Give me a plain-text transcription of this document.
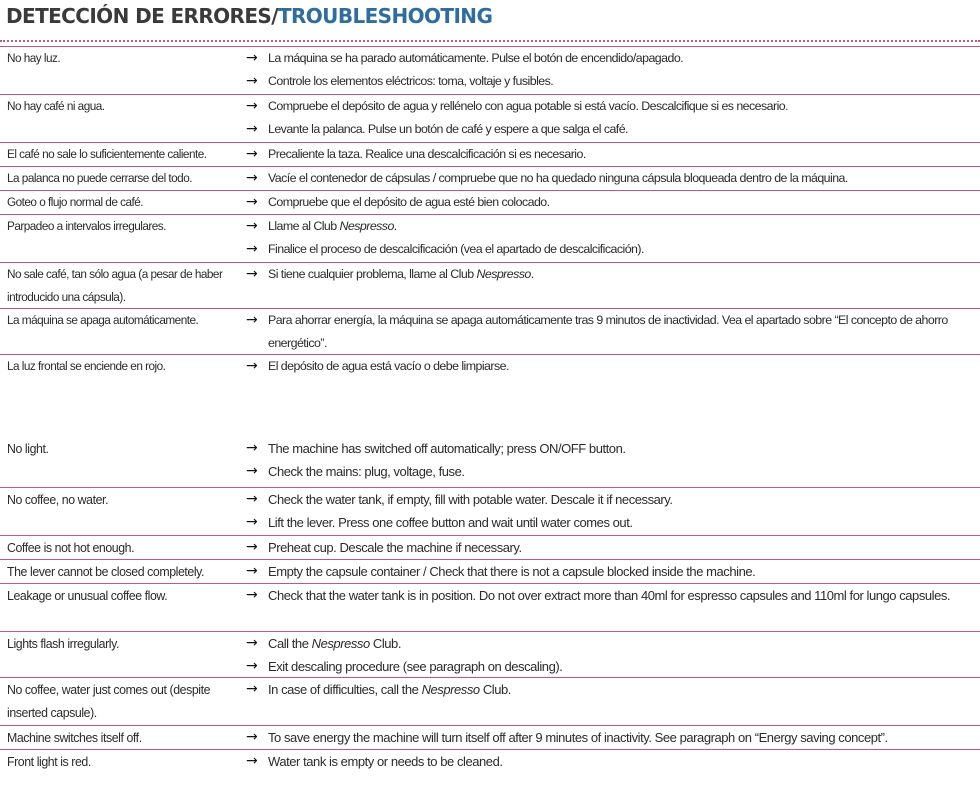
DETECCIÓN DE ERRORES/TROUBLESHOOTING
No hay luz.	→ La máquina se ha parado automáticamente. Pulse el botón de encendido/apagado.
→ Controle los elementos eléctricos: toma, voltaje y fusibles.
No hay café ni agua.	→ Compruebe el depósito de agua y rellénelo con agua potable si está vacío. Descalcifique si es necesario.
→ Levante la palanca. Pulse un botón de café y espere a que salga el café.
El café no sale lo suficientemente caliente.	→ Precaliente la taza. Realice una descalcificación si es necesario.
La palanca no puede cerrarse del todo.	→ Vacíe el contenedor de cápsulas / compruebe que no ha quedado ninguna cápsula bloqueada dentro de la máquina.
Goteo o flujo normal de café.	→ Compruebe que el depósito de agua esté bien colocado.
Parpadeo a intervalos irregulares.	→ Llame al Club Nespresso.
→ Finalice el proceso de descalcificación (vea el apartado de descalcificación).
No sale café, tan sólo agua (a pesar de haber introducido una cápsula).
→ Si tiene cualquier problema, llame al Club Nespresso.
La máquina se apaga automáticamente.	→ Para ahorrar energía, la máquina se apaga automáticamente tras 9 minutos de inactividad. Vea el apartado sobre “El concepto de ahorro energético”.
La luz frontal se enciende en rojo.	→ El depósito de agua está vacío o debe limpiarse.
No light.	→ The machine has switched off automatically; press ON/OFF button.
→ Check the mains: plug, voltage, fuse.
No coffee, no water.	→ Check the water tank, if empty, fill with potable water. Descale it if necessary.
→ Lift the lever. Press one coffee button and wait until water comes out.
Coffee is not hot enough.	→ Preheat cup. Descale the machine if necessary.
The lever cannot be closed completely.	→ Empty the capsule container / Check that there is not a capsule blocked inside the machine.
Leakage or unusual coffee flow.	→ Check that the water tank is in position. Do not over extract more than 40ml for espresso capsules and 110ml for lungo capsules.
Lights flash irregularly.	→ Call the Nespresso Club.
→ Exit descaling procedure (see paragraph on descaling).
No coffee, water just comes out (despite inserted capsule).
→ In case of difficulties, call the Nespresso Club.
Machine switches itself off.	→ To save energy the machine will turn itself off after 9 minutes of inactivity. See paragraph on “Energy saving concept”.
Front light is red.	→ Water tank is empty or needs to be cleaned.
